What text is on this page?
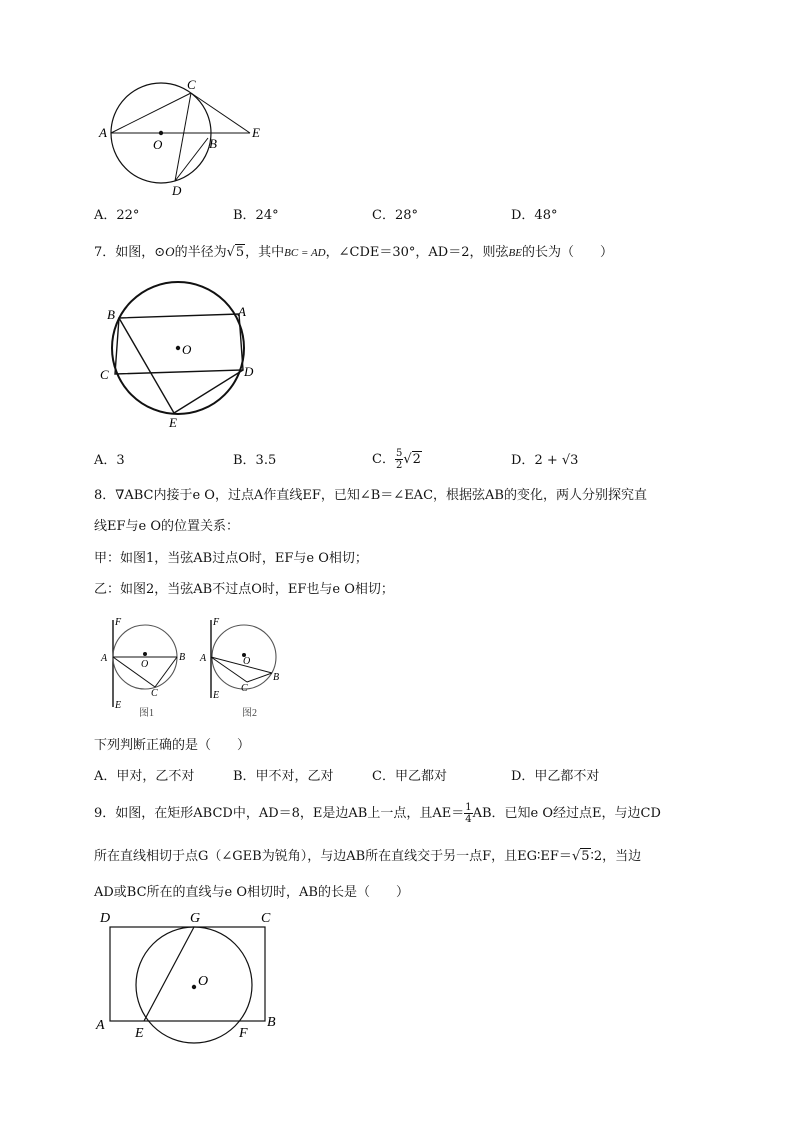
A
O
C
B
E
D
A．22°	B．24°	C．28°	D．48°
7．如图，⊙O的半径为√5，其中BC = AD，∠CDE＝30°，AD＝2，则弦BE的长为（　　）
O
B	A
C	D
E
A．3	B．3.5	C． $\frac{5}{2} √2$	D．2 + √3
8．∇ABC内接于e O，过点A作直线EF，已知∠B＝∠EAC，根据弦AB的变化，两人分别探究直
线EF与e O的位置关系：
甲：如图1，当弦AB过点O时，EF与e O相切；
乙：如图2，当弦AB不过点O时，EF也与e O相切；
F
A
O
B
C
E
图1
F
A	O
B
C
E
图2
下列判断正确的是（　　）
A．甲对，乙不对	B．甲不对，乙对	C．甲乙都对	D．甲乙都不对
9．如图，在矩形ABCD中，AD＝8，E是边AB上一点，且$AE= \frac{1}{4}$ AB．已知e O经过点E，与边CD
所在直线相切于点G（∠GEB为锐角），与边AB所在直线交于另一点F，且EG∶EF＝√5∶2，当边
AD或BC所在的直线与e O相切时，AB的长是（　　）
D	G	C
O
A
E	F
B
